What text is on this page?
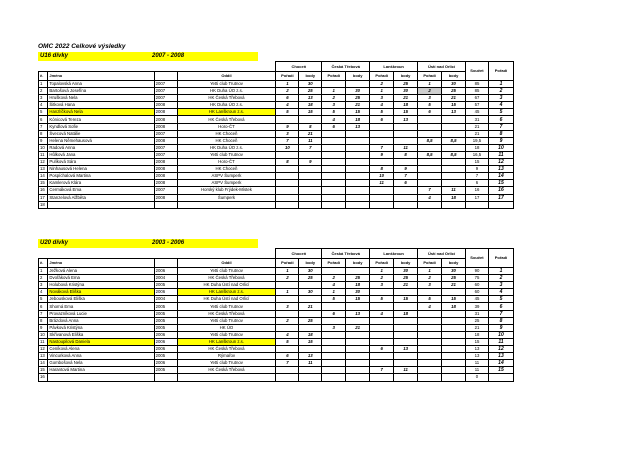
OMC 2022 Celkové výsledky
U16 dívky	2007 - 2008
				Choceň		Česká Třebová		Lanškroun		Ústí nad Orlicí		Součet	Pořadí
č.	Jméno		Oddíl	Pořadí	body	Pořadí	body	Pořadí	body	Pořadí	body		
1	Topalovská Anna	2007	Yetti club Trutnov	1	30			2	25	1	30	85	1
2	Bartošová Josefína	2007	HK Duha ÚO z.s.	2	25	1	30	1	30	2	25	85	2
3	Hrušková Nela	2007	HK Česká Třebová	6	13	2	25	3	21	3	21	67	3
4	Šitková Hana	2008	HK Duha ÚO z.s.	4	18	3	21	4	18	5	15	57	4
5	Hanzlíčková Nela	2008	HK Lanškroun z.s.	5	15	5	15	5	15	6	13	45	5
6	Kónicová Tereza	2008	HK Česká Třebová			4	18	6	13			31	6
7	Kyndlová Sofie	2008	Horo-ČT	9	8	6	13					21	7
8	Švecová Natálie	2007	HK Choceň	3	21							21	8
9	Helena Němehausová	2008	HK Choceň	7	11					8,5	8,5	19,5	9
10	Radová Anna	2007	HK Duha ÚO z.s.	10	7			7	11			18	10
11	Hůlková Jana	2007	Yetti club Trutnov					9	8	8,5	8,5	16,5	11
12	Pulíková Sára	2008	Horo-ČT	8	9							15	12
13	Ninhausová Helena	2008	HK Choceň					8	9			9	13
14	Pospíchalová Martina	2008	ASPV Šumperk					10	7			7	14
15	Kamlerová Klára	2008	ASPV Šumperk					11	6			6	15
16	Cermáková Ema	2007	Horský klub Frýdek-Místek							7	11	16	16
17	Stanzelová Alžběta	2008	Šumperk							4	18	17	17
18													
U20 dívky	2003 - 2006
				Choceň		Česká Třebová		Lanškroun		Ústí nad Orlicí		Součet	Pořadí
č.	Jméno		Oddíl	Pořadí	body	Pořadí	body	Pořadí	body	Pořadí	body		
1	Ježková Alena	2006	Yetti club Trutnov	1	30			1	30	1	30	90	1
2	Dvořáková Ema	2004	HK Česká Třebová	2	25	2	25	2	25	2	25	75	2
3	Holubová Kristýna	2005	HK Duha Ústí nad Orlicí			4	18	3	21	3	21	60	3
4	Nováková Eliška	2006	HK Lanškroun z.s.	1	30	1	30					60	4
5	Jebousková Eliška	2004	HK Duha Ústí nad Orlicí			5	15	5	15	5	15	45	5
6	Shorná Ema	2005	Yetti club Trutnov	3	21					4	18	39	6
7	Provazníková Lucie	2005	HK Česká Třebová			6	13	4	18			31	7
8	Brázdová Anna	2005	Yetti club Trutnov	2	25							25	8
9	Pávková Kristýna	2005	HK ÚO			3	21					21	9
10	Skřivanová Eliška	2006	Yetti club Trutnov	4	18							18	10
11	Nastoupilová Daniela	2006	HK Lanškroun z.s.	5	15							15	11
12	Ceníková Alena	2006	HK Česká Třebová					6	13			13	12
13	Vincurková Anna	2005	Rýmařov	6	13							13	13
14	Gombošová Nela	2006	Yetti club Trutnov	7	11							11	14
15	Harantová Martina	2005	HK Česká Třebová					7	11			11	15
16												0	
